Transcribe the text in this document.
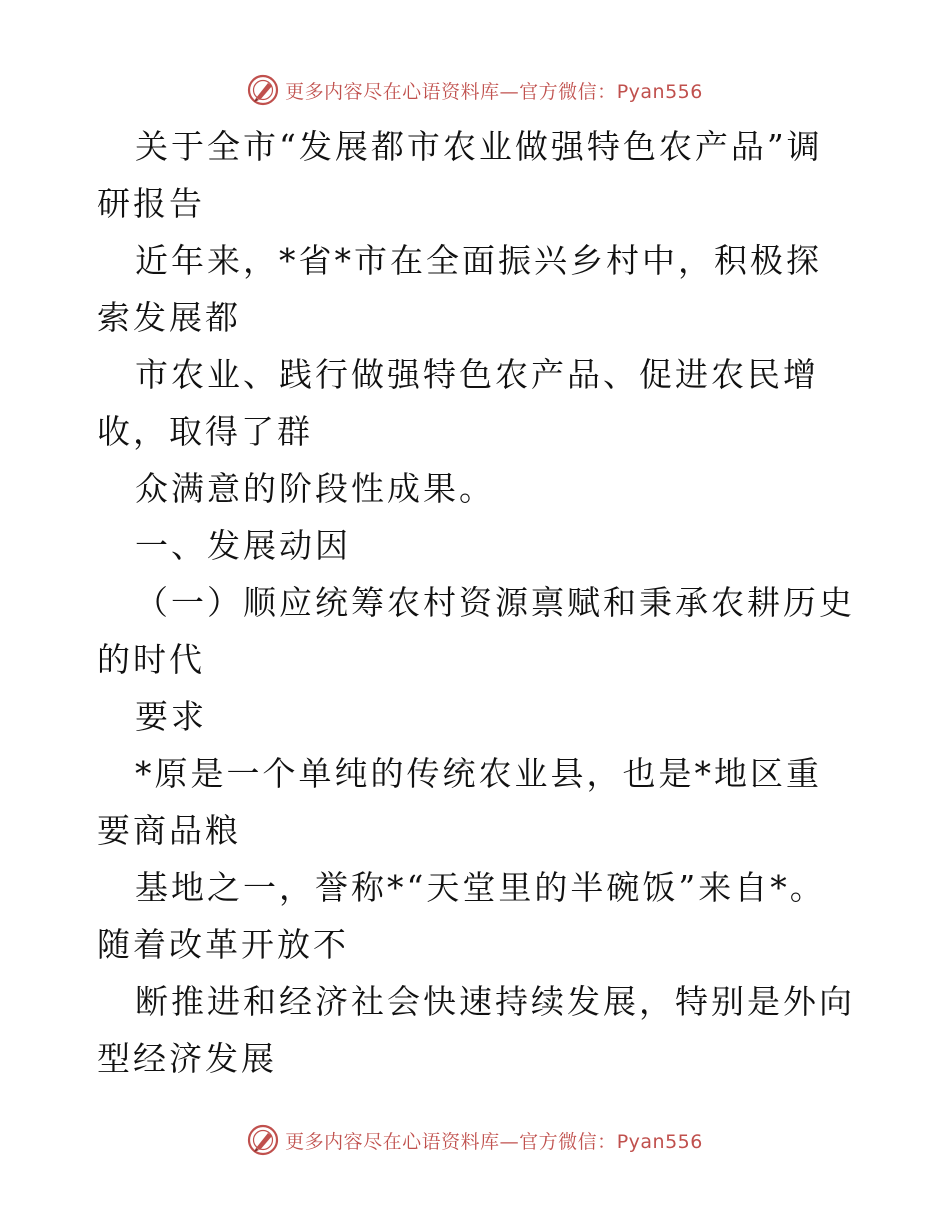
更多内容尽在心语资料库—官方微信：Pyan556

关于全市“发展都市农业做强特色农产品”调研报告

近年来，*省*市在全面振兴乡村中，积极探索发展都

市农业、践行做强特色农产品、促进农民增收，取得了群

众满意的阶段性成果。

一、发展动因

（一）顺应统筹农村资源禀赋和秉承农耕历史的时代

要求

*原是一个单纯的传统农业县，也是*地区重要商品粮

基地之一，誉称*“天堂里的半碗饭”来自*。随着改革开放不

断推进和经济社会快速持续发展，特别是外向型经济发展

更多内容尽在心语资料库—官方微信：Pyan556
